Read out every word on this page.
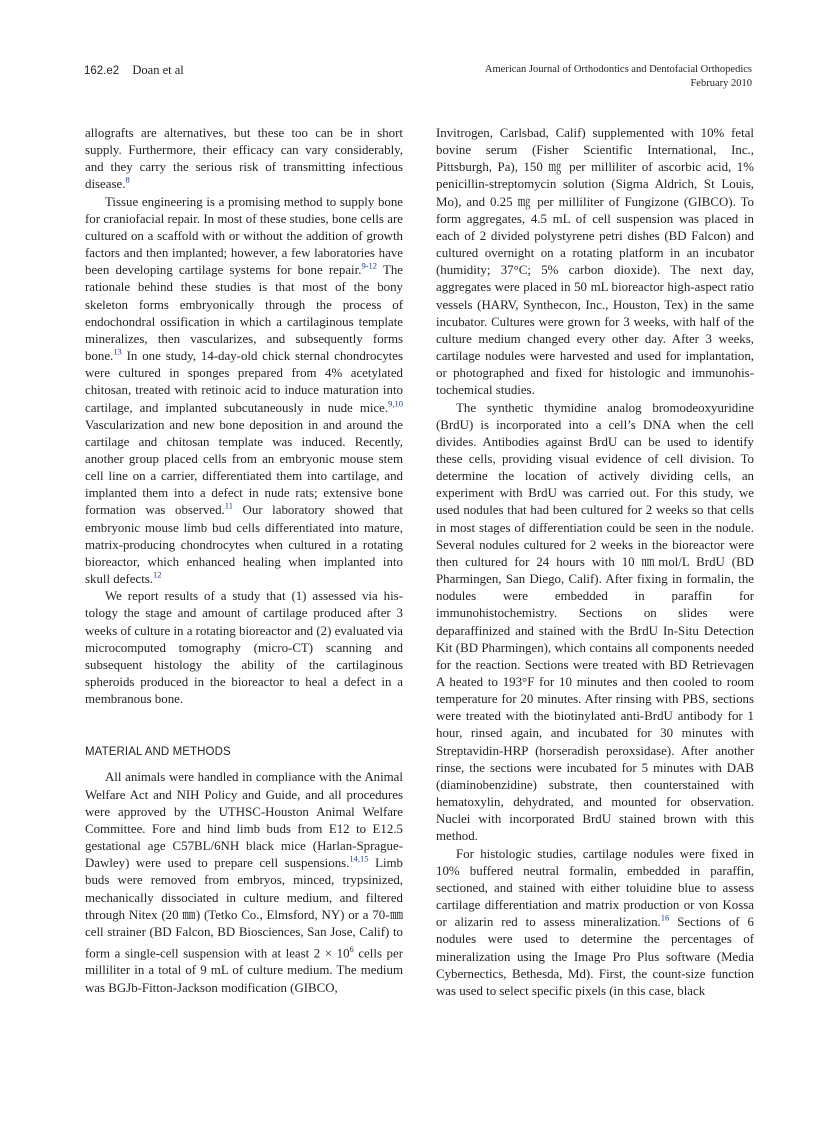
162.e2 Doan et al	American Journal of Orthodontics and Dentofacial Orthopedics
February 2010

allografts are alternatives, but these too can be in short supply. Furthermore, their efficacy can vary considerably, and they carry the serious risk of transmitting infectious disease.$^8$

Tissue engineering is a promising method to supply bone for craniofacial repair. In most of these studies, bone cells are cultured on a scaffold with or without the addition of growth factors and then implanted; however, a few laboratories have been developing cartilage systems for bone repair.$^{9-12}$ The rationale behind these studies is that most of the bony skeleton forms embryonically through the process of endochondral ossification in which a cartilaginous template mineralizes, then vascularizes, and subsequently forms bone.$^{13}$ In one study, 14-day-old chick sternal chondrocytes were cultured in sponges prepared from 4% acetylated chitosan, treated with retinoic acid to induce maturation into cartilage, and implanted subcutaneously in nude mice.$^{9,10}$ Vascularization and new bone deposition in and around the cartilage and chitosan template was induced. Recently, another group placed cells from an embryonic mouse stem cell line on a carrier, differentiated them into cartilage, and implanted them into a defect in nude rats; extensive bone formation was observed.$^{11}$ Our laboratory showed that embryonic mouse limb bud cells differentiated into mature, matrix-producing chondrocytes when cultured in a rotating bioreactor, which enhanced healing when implanted into skull defects.$^{12}$

We report results of a study that (1) assessed via histology the stage and amount of cartilage produced after 3 weeks of culture in a rotating bioreactor and (2) evaluated via microcomputed tomography (micro-CT) scanning and subsequent histology the ability of the cartilaginous spheroids produced in the bioreactor to heal a defect in a membranous bone.

MATERIAL AND METHODS

All animals were handled in compliance with the Animal Welfare Act and NIH Policy and Guide, and all procedures were approved by the UTHSC-Houston Animal Welfare Committee. Fore and hind limb buds from E12 to E12.5 gestational age C57BL/6NH black mice (Harlan-Sprague-Dawley) were used to prepare cell suspensions.$^{14,15}$ Limb buds were removed from embryos, minced, trypsinized, mechanically dissociated in culture medium, and filtered through Nitex (20 ㎜) (Tetko Co., Elmsford, NY) or a 70-㎜ cell strainer (BD Falcon, BD Biosciences, San Jose, Calif) to form a single-cell suspension with at least $2 \times 10^6$ cells per milliliter in a total of 9 mL of culture medium. The medium was BGJb-Fitton-Jackson modification (GIBCO,

Invitrogen, Carlsbad, Calif) supplemented with 10% fetal bovine serum (Fisher Scientific International, Inc., Pittsburgh, Pa), 150 ㎎ per milliliter of ascorbic acid, 1% penicillin-streptomycin solution (Sigma Aldrich, St Louis, Mo), and 0.25 ㎎ per milliliter of Fungizone (GIBCO). To form aggregates, 4.5 mL of cell suspension was placed in each of 2 divided polystyrene petri dishes (BD Falcon) and cultured overnight on a rotating platform in an incubator (humidity; 37°C; 5% carbon dioxide). The next day, aggregates were placed in 50 mL bioreactor high-aspect ratio vessels (HARV, Synthecon, Inc., Houston, Tex) in the same incubator. Cultures were grown for 3 weeks, with half of the culture medium changed every other day. After 3 weeks, cartilage nodules were harvested and used for implantation, or photographed and fixed for histologic and immunohistochemical studies.

The synthetic thymidine analog bromodeoxyuridine (BrdU) is incorporated into a cell’s DNA when the cell divides. Antibodies against BrdU can be used to identify these cells, providing visual evidence of cell division. To determine the location of actively dividing cells, an experiment with BrdU was carried out. For this study, we used nodules that had been cultured for 2 weeks so that cells in most stages of differentiation could be seen in the nodule. Several nodules cultured for 2 weeks in the bioreactor were then cultured for 24 hours with 10 ㎚mol/L BrdU (BD Pharmingen, San Diego, Calif). After fixing in formalin, the nodules were embedded in paraffin for immunohistochemistry. Sections on slides were deparaffinized and stained with the BrdU In-Situ Detection Kit (BD Pharmingen), which contains all components needed for the reaction. Sections were treated with BD Retrievagen A heated to 193°F for 10 minutes and then cooled to room temperature for 20 minutes. After rinsing with PBS, sections were treated with the biotinylated anti-BrdU antibody for 1 hour, rinsed again, and incubated for 30 minutes with Streptavidin-HRP (horseradish peroxsidase). After another rinse, the sections were incubated for 5 minutes with DAB (diaminobenzidine) substrate, then counterstained with hematoxylin, dehydrated, and mounted for observation. Nuclei with incorporated BrdU stained brown with this method.

For histologic studies, cartilage nodules were fixed in 10% buffered neutral formalin, embedded in paraffin, sectioned, and stained with either toluidine blue to assess cartilage differentiation and matrix production or von Kossa or alizarin red to assess mineralization.$^{16}$ Sections of 6 nodules were used to determine the percentages of mineralization using the Image Pro Plus software (Media Cybernectics, Bethesda, Md). First, the count-size function was used to select specific pixels (in this case, black
